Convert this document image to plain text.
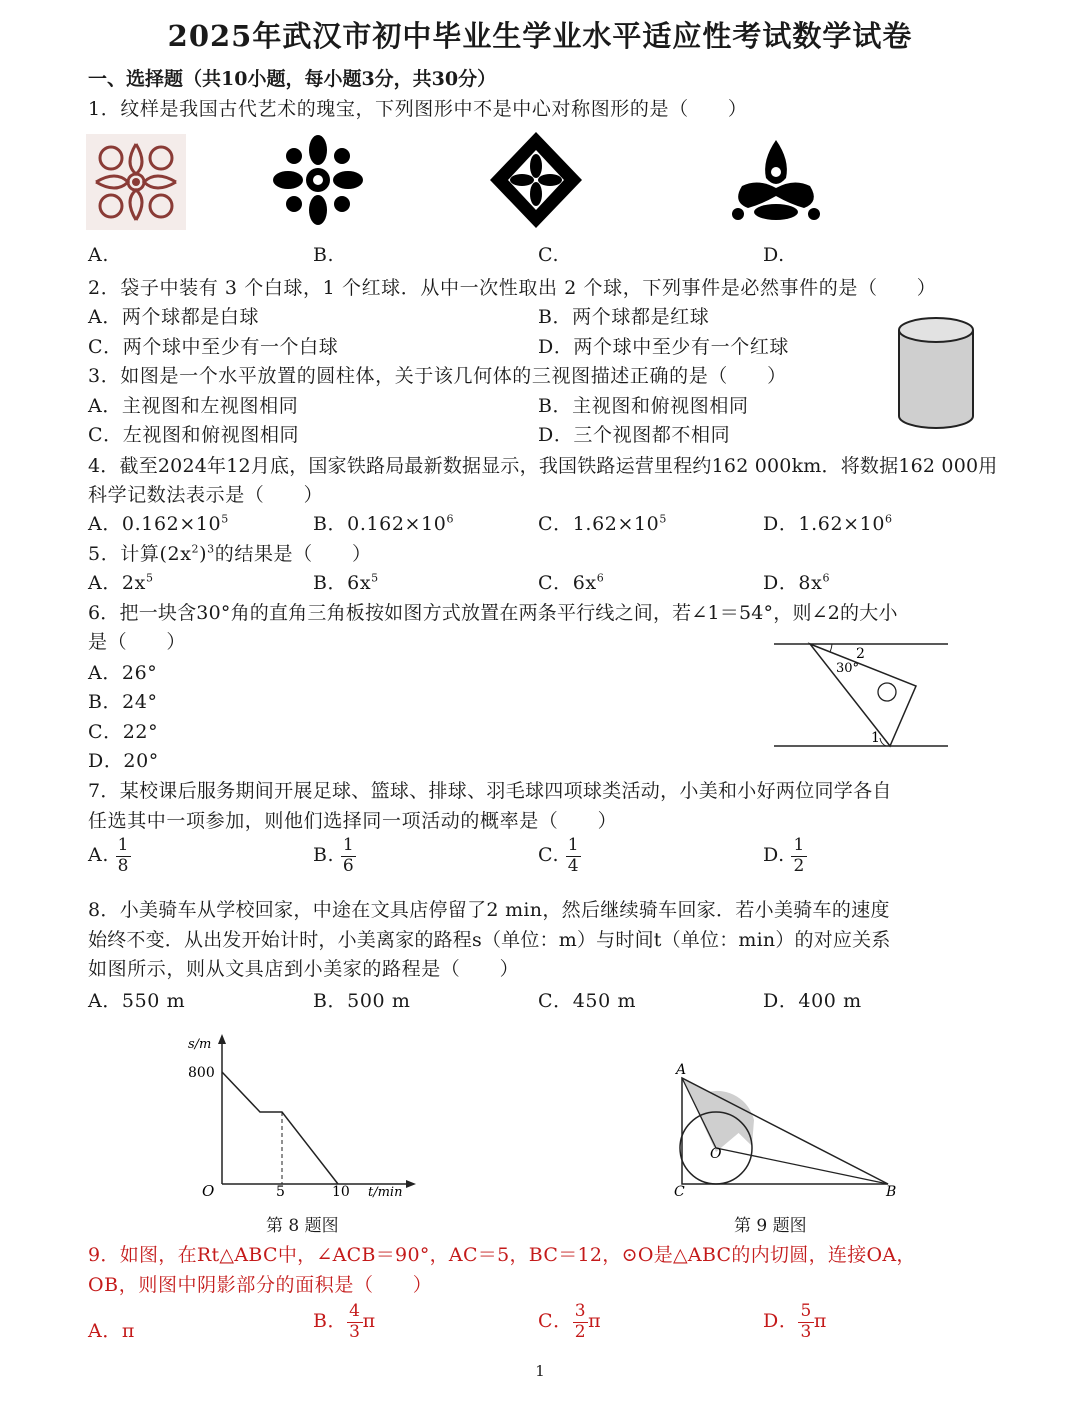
2025年武汉市初中毕业生学业水平适应性考试数学试卷
一、选择题（共10小题，每小题3分，共30分）
1．纹样是我国古代艺术的瑰宝，下列图形中不是中心对称图形的是（　　）
A.	B.	C.	D.
2．袋子中装有 3 个白球，1 个红球．从中一次性取出 2 个球，下列事件是必然事件的是（　　）
A．两个球都是白球	B．两个球都是红球
C．两个球中至少有一个白球	D．两个球中至少有一个红球
3．如图是一个水平放置的圆柱体，关于该几何体的三视图描述正确的是（　　）
A．主视图和左视图相同	B．主视图和俯视图相同
C．左视图和俯视图相同	D．三个视图都不相同
4．截至2024年12月底，国家铁路局最新数据显示，我国铁路运营里程约162 000km．将数据162 000用
科学记数法表示是（　　）
A．$0.162\times 10^5$	B．$0.162\times 10^6$	C．$1.62\times 10^5$	D．$1.62\times 10^6$
5．计算$(2x^2)^3$的结果是（　　）
A．$2x^5$	B．$6x^5$	C．$6x^6$	D．$8x^6$
6．把一块含30°角的直角三角板按如图方式放置在两条平行线之间，若∠1＝54°，则∠2的大小
是（　　）
A．26°
B．24°
C．22°
D．20°
2
30°
1
7．某校课后服务期间开展足球、篮球、排球、羽毛球四项球类活动，小美和小好两位同学各自
任选其中一项参加，则他们选择同一项活动的概率是（　　）
A. $\frac{1}{8}$	B. $\frac{1}{6}$	C. $\frac{1}{4}$	D. $\frac{1}{2}$
8．小美骑车从学校回家，中途在文具店停留了2 min，然后继续骑车回家．若小美骑车的速度
始终不变．从出发开始计时，小美离家的路程s（单位：m）与时间t（单位：min）的对应关系
如图所示，则从文具店到小美家的路程是（　　）
A．550 m	B．500 m	C．450 m	D．400 m
s/m
800
O	5	10 t/min
第 8 题图
A
B
C
O
第 9 题图
9．如图，在Rt△ABC中，∠ACB＝90°，AC＝5，BC＝12，⊙O是△ABC的内切圆，连接OA，
OB，则图中阴影部分的面积是（　　）
A．π	B． $\frac{4}{3}$ π	C． $\frac{3}{2}$ π	D． $\frac{5}{3}$ π
1
